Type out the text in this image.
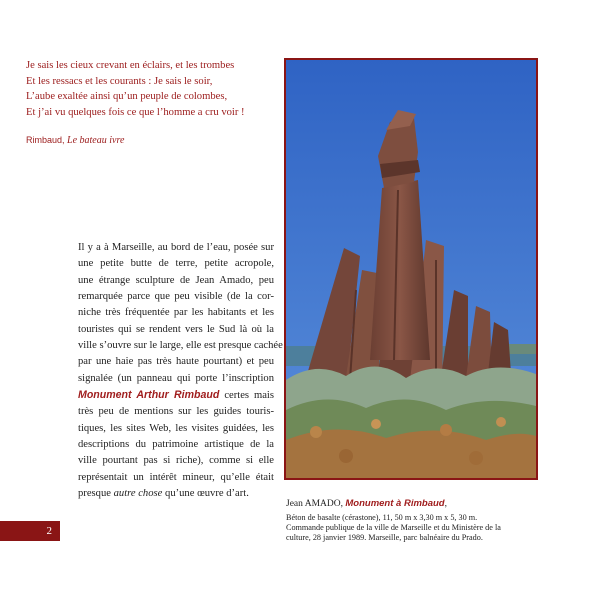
Je sais les cieux crevant en éclairs, et les trombes
Et les ressacs et les courants : Je sais le soir,
L’aube exaltée ainsi qu’un peuple de colombes,
Et j’ai vu quelques fois ce que l’homme a cru voir !
Rimbaud, Le bateau ivre
Il y a à Marseille, au bord de l’eau, posée sur
une petite butte de terre, petite acropole,
une étrange sculpture de Jean Amado, peu
remarquée parce que peu visible (de la cor-
niche très fréquentée par les habitants et les
touristes qui se rendent vers le Sud là où la
ville s’ouvre sur le large, elle est presque cachée
par une haie pas très haute pourtant) et peu
signalée (un panneau qui porte l’inscription
Monument Arthur Rimbaud certes mais
très peu de mentions sur les guides touris-
tiques, les sites Web, les visites guidées, les
descriptions du patrimoine artistique de la
ville pourtant pas si riche), comme si elle
représentait un intérêt mineur, qu’elle était
presque autre chose qu’une œuvre d’art.
Jean AMADO, Monument à Rimbaud,
Béton de basalte (cérastone), 11, 50 m x 3,30 m x 5, 30 m.
Commande publique de la ville de Marseille et du Ministère de la
culture, 28 janvier 1989. Marseille, parc balnéaire du Prado.
2
